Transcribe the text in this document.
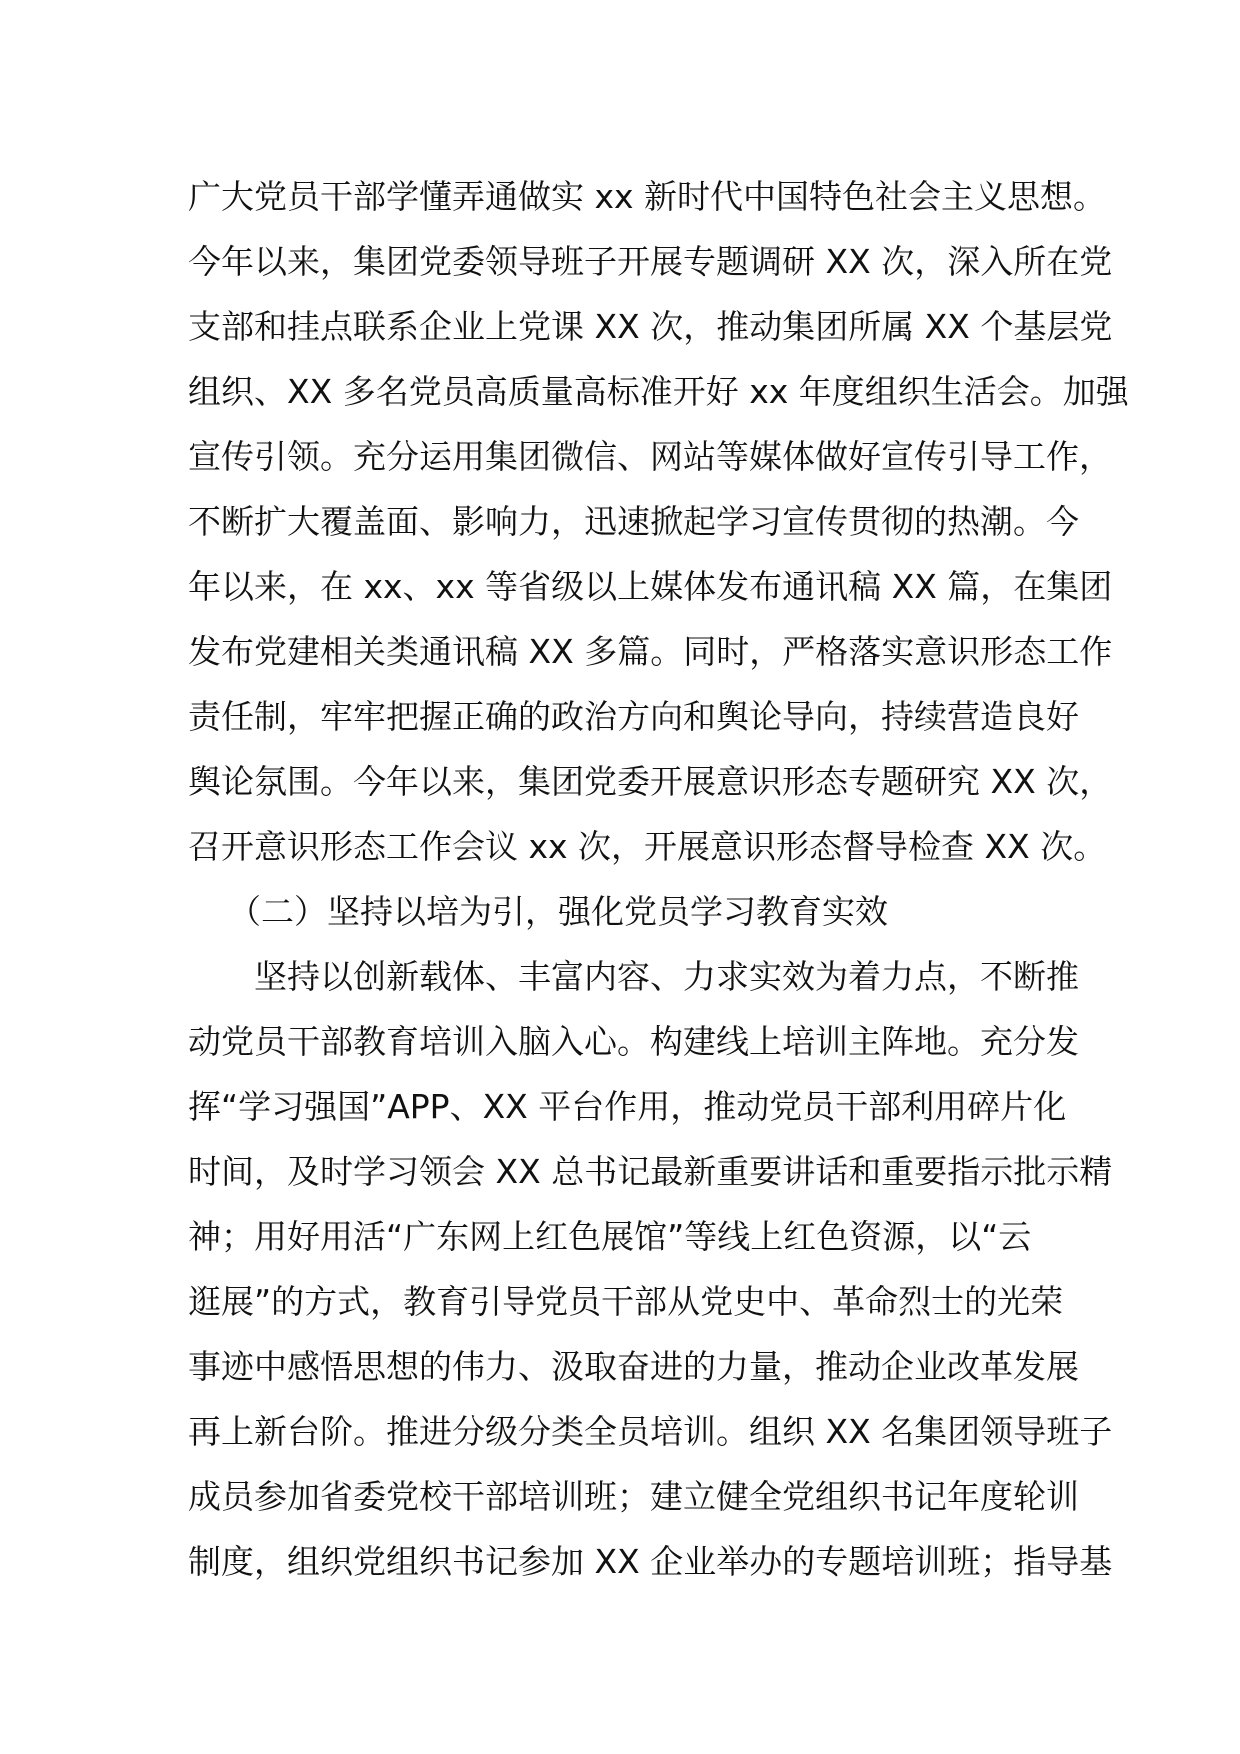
广大党员干部学懂弄通做实 xx 新时代中国特色社会主义思想。
今年以来，集团党委领导班子开展专题调研 XX 次，深入所在党
支部和挂点联系企业上党课 XX 次，推动集团所属 XX 个基层党
组织、XX 多名党员高质量高标准开好 xx 年度组织生活会。加强
宣传引领。充分运用集团微信、网站等媒体做好宣传引导工作，
不断扩大覆盖面、影响力，迅速掀起学习宣传贯彻的热潮。今
年以来，在 xx、xx 等省级以上媒体发布通讯稿 XX 篇，在集团
发布党建相关类通讯稿 XX 多篇。同时，严格落实意识形态工作
责任制，牢牢把握正确的政治方向和舆论导向，持续营造良好
舆论氛围。今年以来，集团党委开展意识形态专题研究 XX 次，
召开意识形态工作会议 xx 次，开展意识形态督导检查 XX 次。
（二）坚持以培为引，强化党员学习教育实效
坚持以创新载体、丰富内容、力求实效为着力点，不断推
动党员干部教育培训入脑入心。构建线上培训主阵地。充分发
挥“学习强国”APP、XX 平台作用，推动党员干部利用碎片化
时间，及时学习领会 XX 总书记最新重要讲话和重要指示批示精
神；用好用活“广东网上红色展馆”等线上红色资源，以“云
逛展”的方式，教育引导党员干部从党史中、革命烈士的光荣
事迹中感悟思想的伟力、汲取奋进的力量，推动企业改革发展
再上新台阶。推进分级分类全员培训。组织 XX 名集团领导班子
成员参加省委党校干部培训班；建立健全党组织书记年度轮训
制度，组织党组织书记参加 XX 企业举办的专题培训班；指导基
